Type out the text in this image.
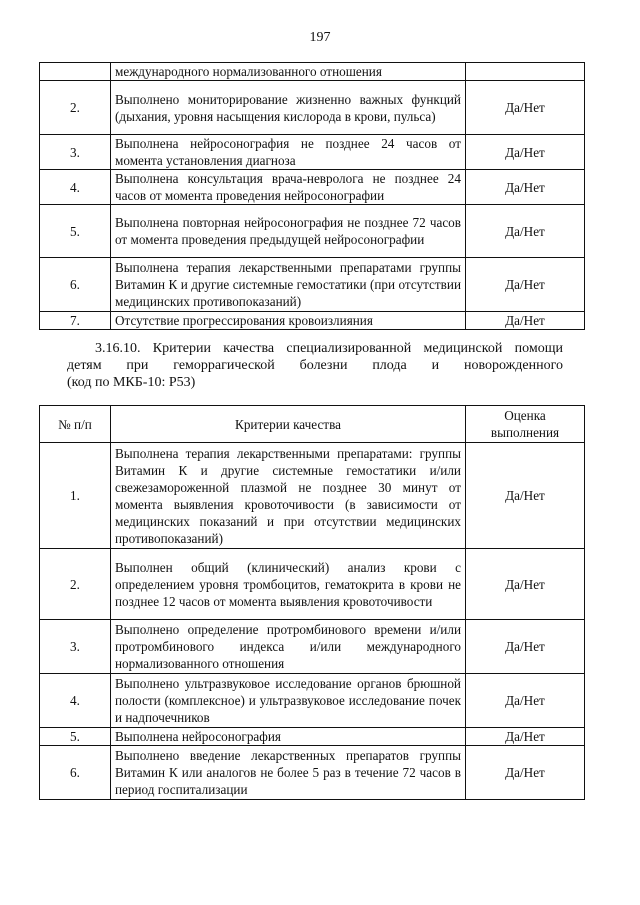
197
	международного нормализованного отношения	
2.	Выполнено мониторирование жизненно важных функций (дыхания, уровня насыщения кислорода в крови, пульса)	Да/Нет
3.	Выполнена нейросонография не позднее 24 часов от момента установления диагноза	Да/Нет
4.	Выполнена консультация врача-невролога не позднее 24 часов от момента проведения нейросонографии	Да/Нет
5.	Выполнена повторная нейросонография не позднее 72 часов от момента проведения предыдущей нейросонографии	Да/Нет
6.	Выполнена терапия лекарственными препаратами группы Витамин К и другие системные гемостатики (при отсутствии медицинских противопоказаний)	Да/Нет
7.	Отсутствие прогрессирования кровоизлияния	Да/Нет
3.16.10. Критерии качества специализированной медицинской помощи
детям при геморрагической болезни плода и новорожденного
(код по МКБ-10: Р53)
№ п/п	Критерии качества	Оценка выполнения
1.	Выполнена терапия лекарственными препаратами: группы Витамин К и другие системные гемостатики и/или свежезамороженной плазмой не позднее 30 минут от момента выявления кровоточивости (в зависимости от медицинских показаний и при отсутствии медицинских противопоказаний)	Да/Нет
2.	Выполнен общий (клинический) анализ крови с определением уровня тромбоцитов, гематокрита в крови не позднее 12 часов от момента выявления кровоточивости	Да/Нет
3.	Выполнено определение протромбинового времени и/или протромбинового индекса и/или международного нормализованного отношения	Да/Нет
4.	Выполнено ультразвуковое исследование органов брюшной полости (комплексное) и ультразвуковое исследование почек и надпочечников	Да/Нет
5.	Выполнена нейросонография	Да/Нет
6.	Выполнено введение лекарственных препаратов группы Витамин К или аналогов не более 5 раз в течение 72 часов в период госпитализации	Да/Нет
